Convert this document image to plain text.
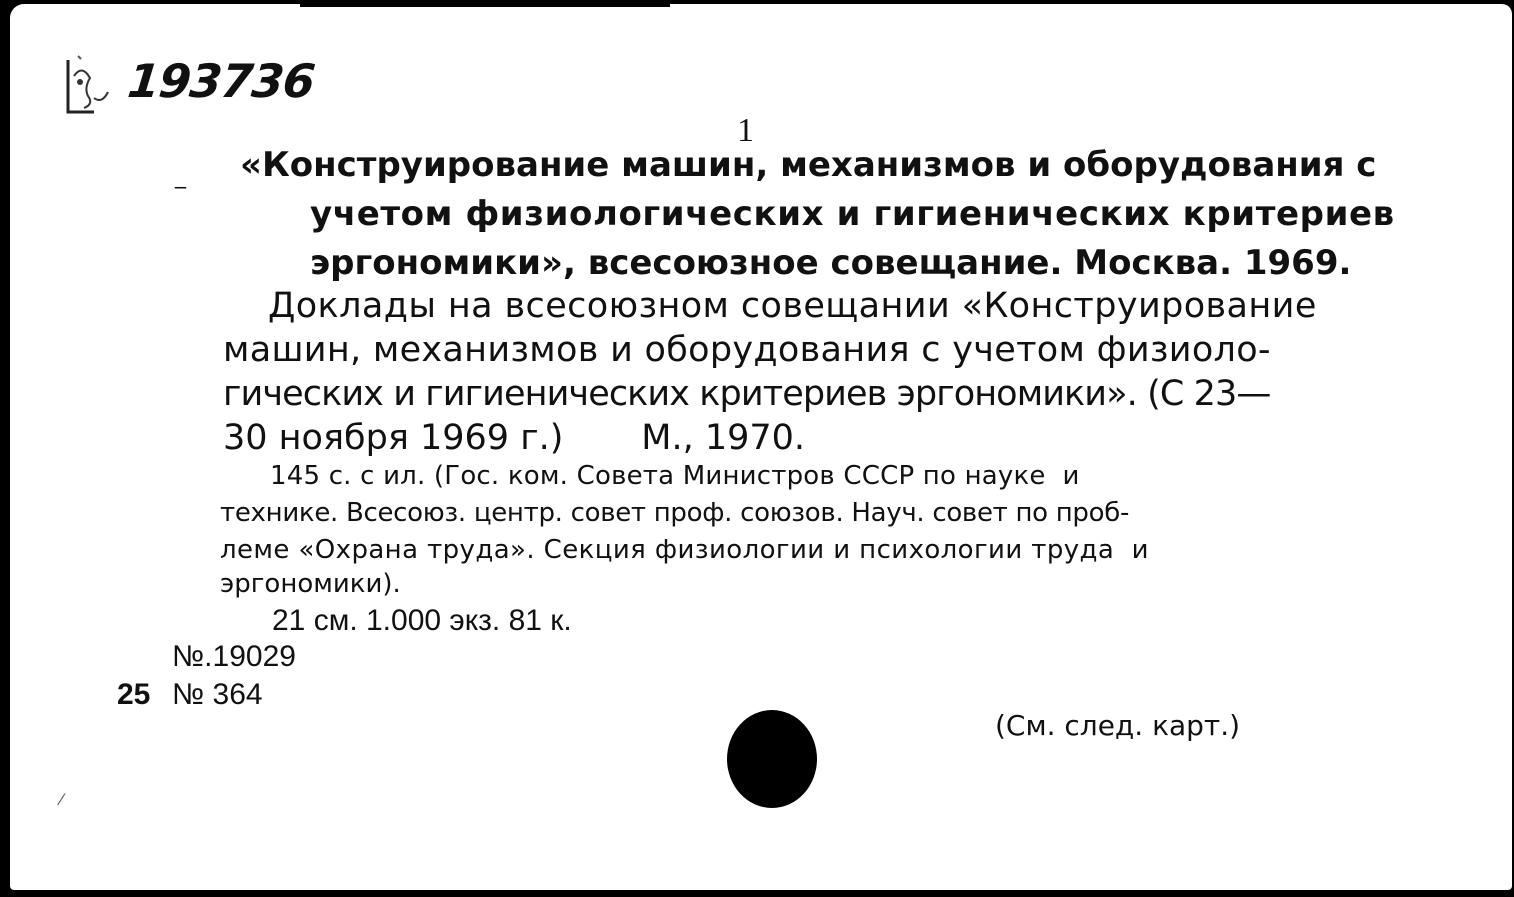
193736
1
_ «Конструирование машин, механизмов и оборудования с
учетом физиологических и гигиенических критериев
эргономики», всесоюзное совещание. Москва. 1969.
Доклады на всесоюзном совещании «Конструирование
машин, механизмов и оборудования с учетом физиоло-
гических и гигиенических критериев эргономики». (С 23—
30 ноября 1969 г.)       М., 1970.
145 с. с ил. (Гос. ком. Совета Министров СССР по науке  и
технике. Всесоюз. центр. совет проф. союзов. Науч. совет по проб-
леме «Охрана труда». Секция физиологии и психологии труда  и
эргономики).
21 см. 1.000 экз. 81 к.
№.19029
25 № 364
(См. след. карт.)
⁄
